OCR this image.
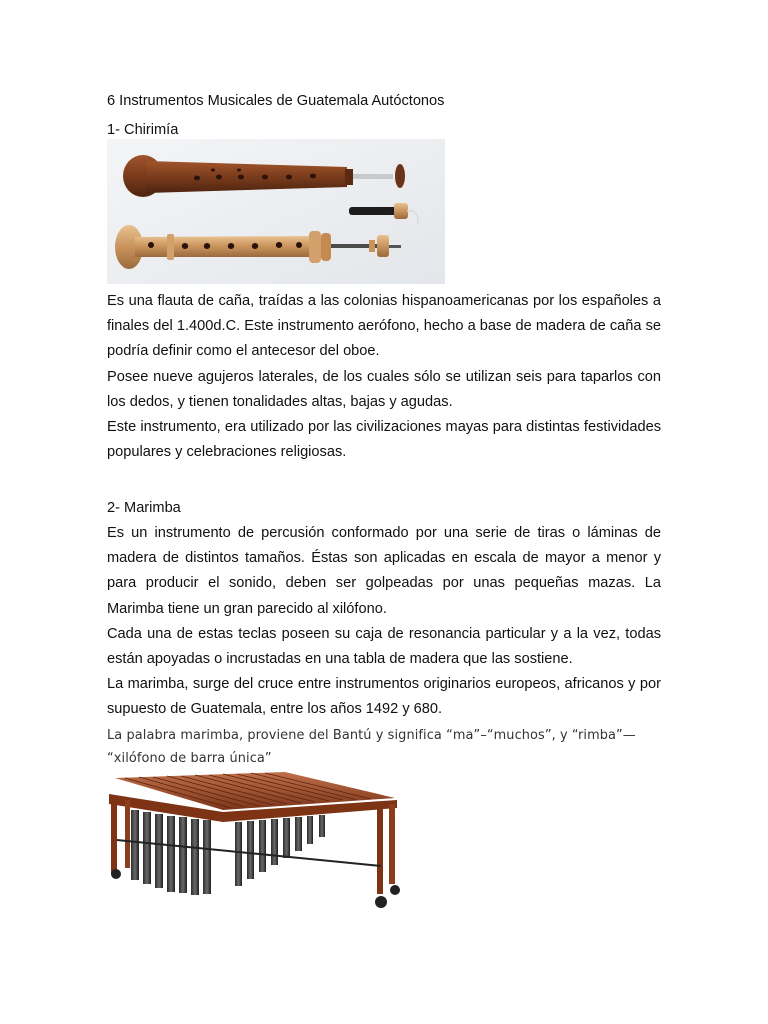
6 Instrumentos Musicales de Guatemala Autóctonos
1- Chirimía

Es una flauta de caña, traídas a las colonias hispanoamericanas por los españoles a finales del 1.400d.C. Este instrumento aerófono, hecho a base de madera de caña se podría definir como el antecesor del oboe.

Posee nueve agujeros laterales, de los cuales sólo se utilizan seis para taparlos con los dedos, y tienen tonalidades altas, bajas y agudas.

Este instrumento, era utilizado por las civilizaciones mayas para distintas festividades populares y celebraciones religiosas.

2- Marimba

Es un instrumento de percusión conformado por una serie de tiras o láminas de madera de distintos tamaños. Éstas son aplicadas en escala de mayor a menor y para producir el sonido, deben ser golpeadas por unas pequeñas mazas. La Marimba tiene un gran parecido al xilófono.

Cada una de estas teclas poseen su caja de resonancia particular y a la vez, todas están apoyadas o incrustadas en una tabla de madera que las sostiene.

La marimba, surge del cruce entre instrumentos originarios europeos, africanos y por supuesto de Guatemala, entre los años 1492 y 680.

La palabra marimba, proviene del Bantú y significa “ma”–“muchos”, y “rimba”—
“xilófono de barra única”
